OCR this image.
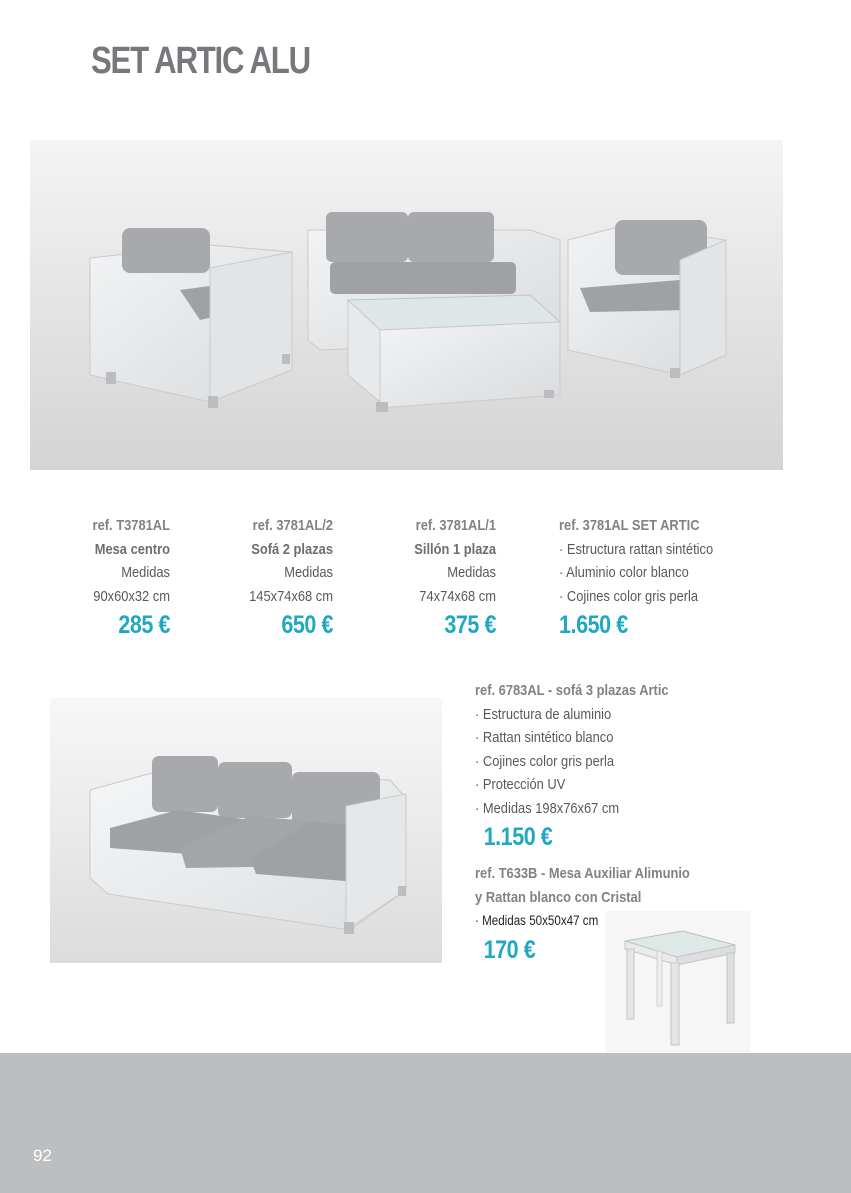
SET ARTIC ALU
ref. T3781AL
Mesa centro
Medidas
90x60x32 cm
285 €
ref. 3781AL/2
Sofá 2 plazas
Medidas
145x74x68 cm
650 €
ref. 3781AL/1
Sillón 1 plaza
Medidas
74x74x68 cm
375 €
ref. 3781AL SET ARTIC
· Estructura rattan sintético
· Aluminio color blanco
· Cojines color gris perla
1.650 €
ref. 6783AL - sofá 3 plazas Artic
· Estructura de aluminio
· Rattan sintético blanco
· Cojines color gris perla
· Protección UV
· Medidas 198x76x67 cm
1.150 €
ref. T633B - Mesa Auxiliar Alimunio
y Rattan blanco con Cristal
· Medidas 50x50x47 cm
170 €
92
